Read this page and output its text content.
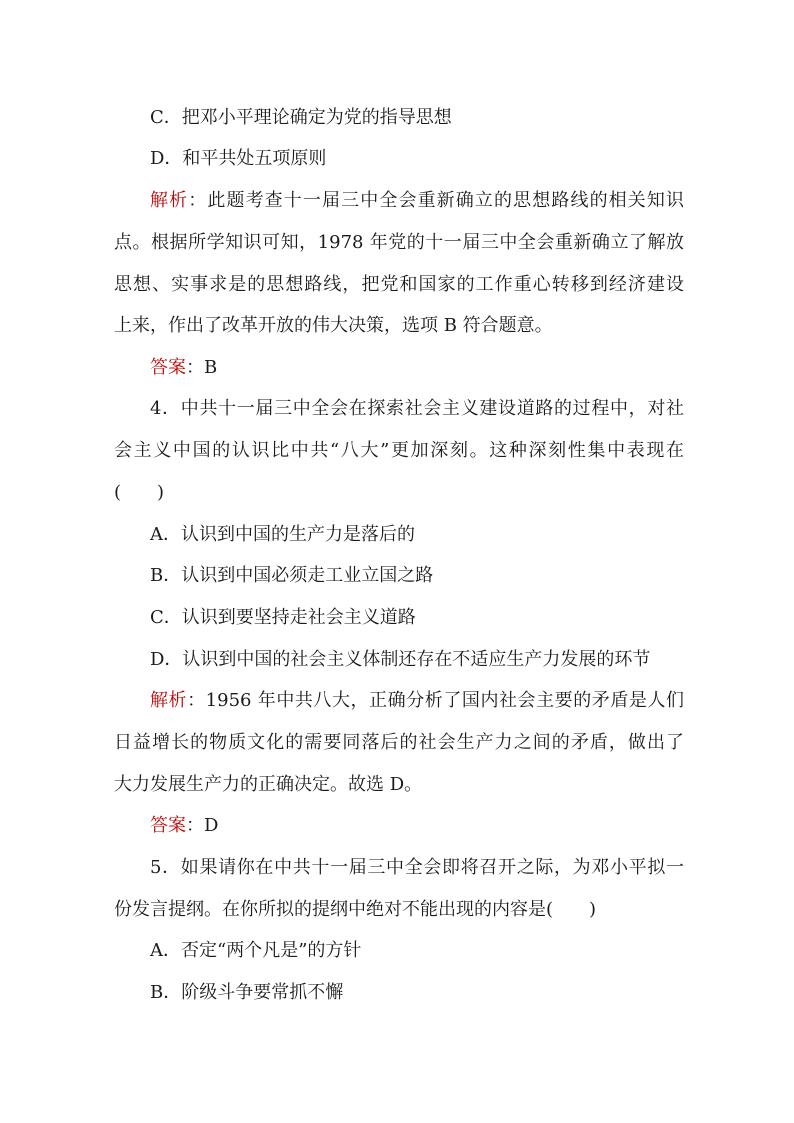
C．把邓小平理论确定为党的指导思想
D．和平共处五项原则
解析：此题考查十一届三中全会重新确立的思想路线的相关知识
点。根据所学知识可知，1978 年党的十一届三中全会重新确立了解放
思想、实事求是的思想路线，把党和国家的工作重心转移到经济建设
上来，作出了改革开放的伟大决策，选项 B 符合题意。
答案：B
4．中共十一届三中全会在探索社会主义建设道路的过程中，对社
会主义中国的认识比中共“八大”更加深刻。这种深刻性集中表现在
(　　)
A．认识到中国的生产力是落后的
B．认识到中国必须走工业立国之路
C．认识到要坚持走社会主义道路
D．认识到中国的社会主义体制还存在不适应生产力发展的环节
解析：1956 年中共八大，正确分析了国内社会主要的矛盾是人们
日益增长的物质文化的需要同落后的社会生产力之间的矛盾，做出了
大力发展生产力的正确决定。故选 D。
答案：D
5．如果请你在中共十一届三中全会即将召开之际，为邓小平拟一
份发言提纲。在你所拟的提纲中绝对不能出现的内容是(　　)
A．否定“两个凡是”的方针
B．阶级斗争要常抓不懈
